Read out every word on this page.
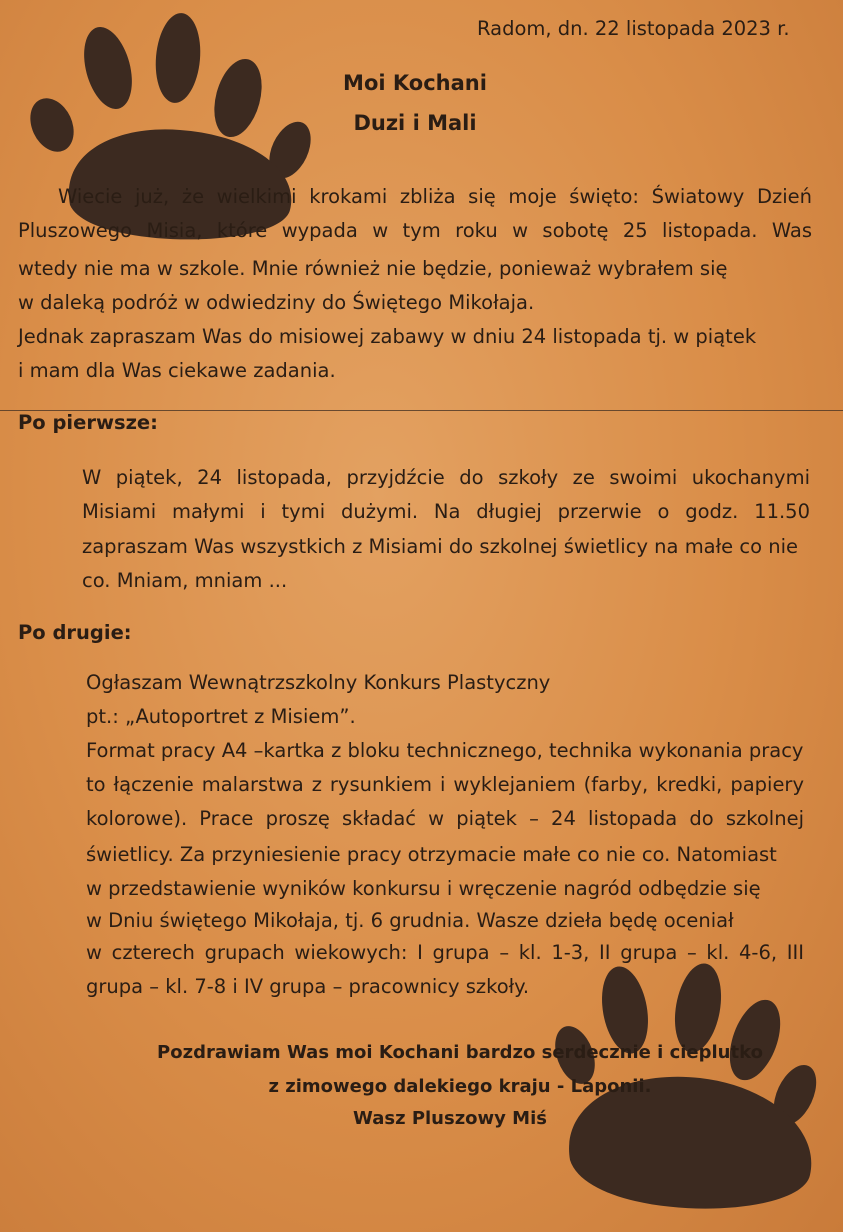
Radom, dn. 22 listopada 2023 r.
Moi Kochani
Duzi i Mali
Wiecie już, że wielkimi krokami zbliża się moje święto: Światowy Dzień
Pluszowego Misia, które wypada w tym roku w sobotę 25 listopada. Was
wtedy nie ma w szkole. Mnie również nie będzie, ponieważ wybrałem się
w daleką podróż w odwiedziny do Świętego Mikołaja.
Jednak zapraszam Was do misiowej zabawy w dniu 24 listopada tj. w piątek
i mam dla Was ciekawe zadania.
Po pierwsze:
W piątek, 24 listopada, przyjdźcie do szkoły ze swoimi ukochanymi
Misiami małymi i tymi dużymi. Na długiej przerwie o godz. 11.50
zapraszam Was wszystkich z Misiami do szkolnej świetlicy na małe co nie
co. Mniam, mniam ...
Po drugie:
Ogłaszam Wewnątrzszkolny Konkurs Plastyczny
pt.: „Autoportret z Misiem”.
Format pracy A4 –kartka z bloku technicznego, technika wykonania pracy
to łączenie malarstwa z rysunkiem i wyklejaniem (farby, kredki, papiery
kolorowe). Prace proszę składać w piątek – 24 listopada do szkolnej
świetlicy. Za przyniesienie pracy otrzymacie małe co nie co. Natomiast
w przedstawienie wyników konkursu i wręczenie nagród odbędzie się
w Dniu świętego Mikołaja, tj. 6 grudnia. Wasze dzieła będę oceniał
w czterech grupach wiekowych: I grupa – kl. 1-3, II grupa – kl. 4-6, III
grupa – kl. 7-8 i IV grupa – pracownicy szkoły.
Pozdrawiam Was moi Kochani bardzo serdecznie i cieplutko
z zimowego dalekiego kraju - Laponii.
Wasz Pluszowy Miś
